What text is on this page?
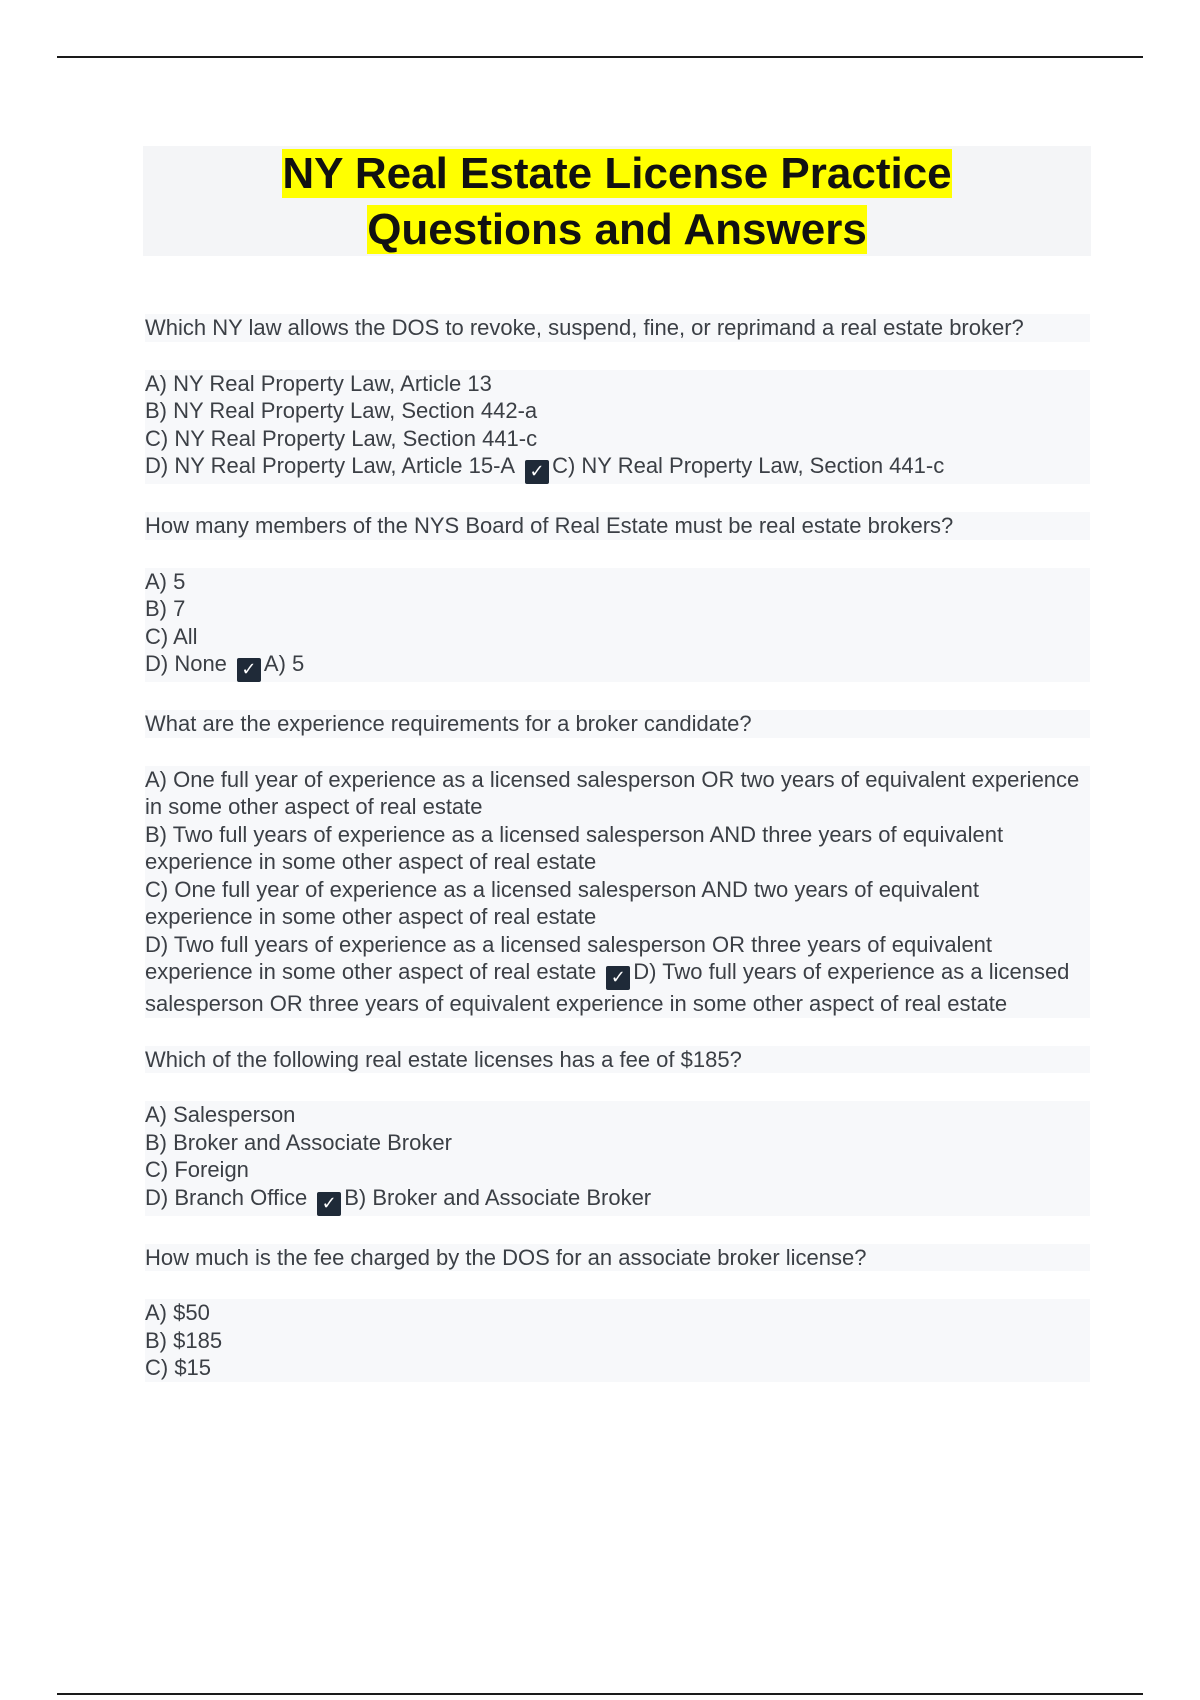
NY Real Estate License Practice
Questions and Answers

Which NY law allows the DOS to revoke, suspend, fine, or reprimand a real estate broker?

A) NY Real Property Law, Article 13

B) NY Real Property Law, Section 442-a

C) NY Real Property Law, Section 441-c

D) NY Real Property Law, Article 15-A ✓ C) NY Real Property Law, Section 441-c

How many members of the NYS Board of Real Estate must be real estate brokers?

A) 5

B) 7

C) All

D) None ✓ A) 5

What are the experience requirements for a broker candidate?

A) One full year of experience as a licensed salesperson OR two years of equivalent experience in some other aspect of real estate

B) Two full years of experience as a licensed salesperson AND three years of equivalent experience in some other aspect of real estate

C) One full year of experience as a licensed salesperson AND two years of equivalent experience in some other aspect of real estate

D) Two full years of experience as a licensed salesperson OR three years of equivalent experience in some other aspect of real estate ✓ D) Two full years of experience as a licensed salesperson OR three years of equivalent experience in some other aspect of real estate

Which of the following real estate licenses has a fee of $185?

A) Salesperson

B) Broker and Associate Broker

C) Foreign

D) Branch Office ✓ B) Broker and Associate Broker

How much is the fee charged by the DOS for an associate broker license?

A) $50

B) $185

C) $15
